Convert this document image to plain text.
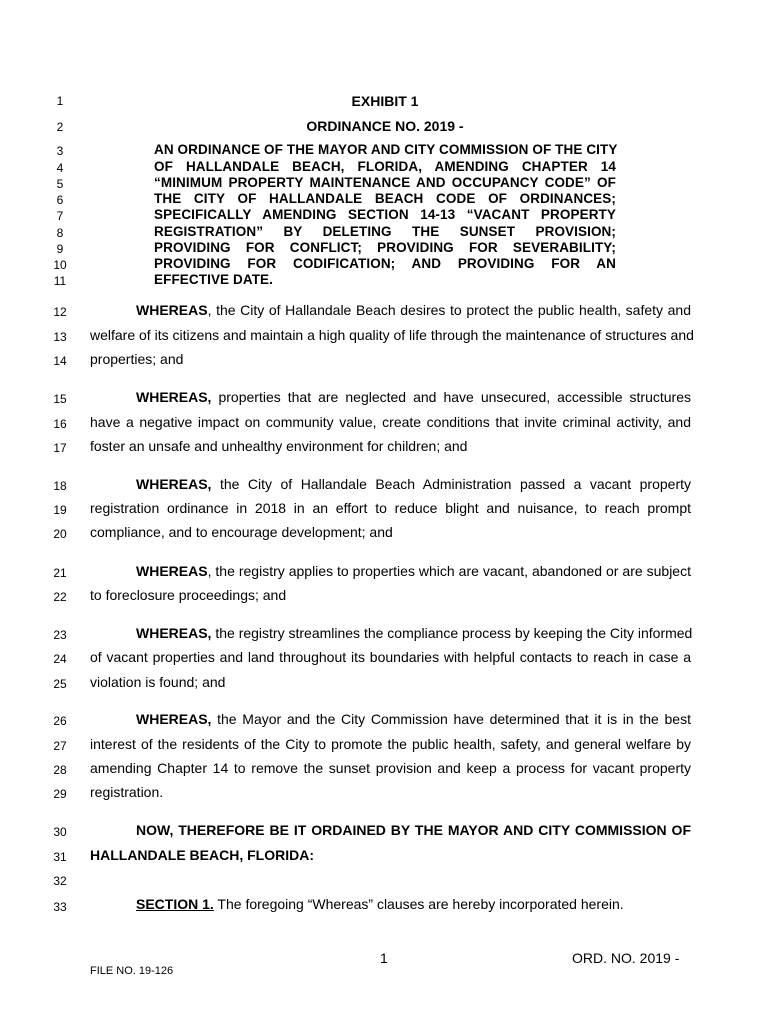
1
2
3
4
5
6
7
8
9
10
11
12
13
14
15
16
17
18
19
20
21
22
23
24
25
26
27
28
29
30
31
32
33
EXHIBIT 1
ORDINANCE NO. 2019 -
AN ORDINANCE OF THE MAYOR AND CITY COMMISSION OF THE CITY
OF HALLANDALE BEACH, FLORIDA, AMENDING CHAPTER 14
“MINIMUM PROPERTY MAINTENANCE AND OCCUPANCY CODE” OF
THE CITY OF HALLANDALE BEACH CODE OF ORDINANCES;
SPECIFICALLY AMENDING SECTION 14-13 “VACANT PROPERTY
REGISTRATION” BY DELETING THE SUNSET PROVISION;
PROVIDING FOR CONFLICT; PROVIDING FOR SEVERABILITY;
PROVIDING FOR CODIFICATION; AND PROVIDING FOR AN
EFFECTIVE DATE.
WHEREAS, the City of Hallandale Beach desires to protect the public health, safety and
welfare of its citizens and maintain a high quality of life through the maintenance of structures and
properties; and
WHEREAS, properties that are neglected and have unsecured, accessible structures
have a negative impact on community value, create conditions that invite criminal activity, and
foster an unsafe and unhealthy environment for children; and
WHEREAS, the City of Hallandale Beach Administration passed a vacant property
registration ordinance in 2018 in an effort to reduce blight and nuisance, to reach prompt
compliance, and to encourage development; and
WHEREAS, the registry applies to properties which are vacant, abandoned or are subject
to foreclosure proceedings; and
WHEREAS, the registry streamlines the compliance process by keeping the City informed
of vacant properties and land throughout its boundaries with helpful contacts to reach in case a
violation is found; and
WHEREAS, the Mayor and the City Commission have determined that it is in the best
interest of the residents of the City to promote the public health, safety, and general welfare by
amending Chapter 14 to remove the sunset provision and keep a process for vacant property
registration.
NOW, THEREFORE BE IT ORDAINED BY THE MAYOR AND CITY COMMISSION OF
HALLANDALE BEACH, FLORIDA:
SECTION 1. The foregoing “Whereas” clauses are hereby incorporated herein.
1	ORD. NO. 2019 -
FILE NO. 19-126
